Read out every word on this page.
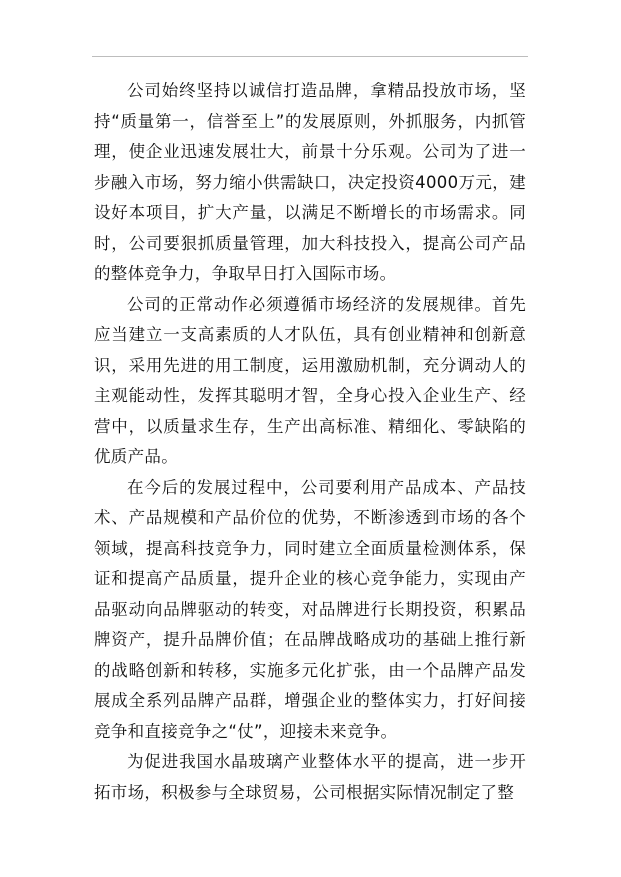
公司始终坚持以诚信打造品牌，拿精品投放市场，坚持“质量第一，信誉至上”的发展原则，外抓服务，内抓管理，使企业迅速发展壮大，前景十分乐观。公司为了进一步融入市场，努力缩小供需缺口，决定投资4000万元，建设好本项目，扩大产量，以满足不断增长的市场需求。同时，公司要狠抓质量管理，加大科技投入，提高公司产品的整体竞争力，争取早日打入国际市场。

公司的正常动作必须遵循市场经济的发展规律。首先应当建立一支高素质的人才队伍，具有创业精神和创新意识，采用先进的用工制度，运用激励机制，充分调动人的主观能动性，发挥其聪明才智，全身心投入企业生产、经营中，以质量求生存，生产出高标准、精细化、零缺陷的优质产品。

在今后的发展过程中，公司要利用产品成本、产品技术、产品规模和产品价位的优势，不断渗透到市场的各个领域，提高科技竞争力，同时建立全面质量检测体系，保证和提高产品质量，提升企业的核心竞争能力，实现由产品驱动向品牌驱动的转变，对品牌进行长期投资，积累品牌资产，提升品牌价值；在品牌战略成功的基础上推行新的战略创新和转移，实施多元化扩张，由一个品牌产品发展成全系列品牌产品群，增强企业的整体实力，打好间接竞争和直接竞争之“仗”，迎接未来竞争。

为促进我国水晶玻璃产业整体水平的提高，进一步开拓市场，积极参与全球贸易，公司根据实际情况制定了整
